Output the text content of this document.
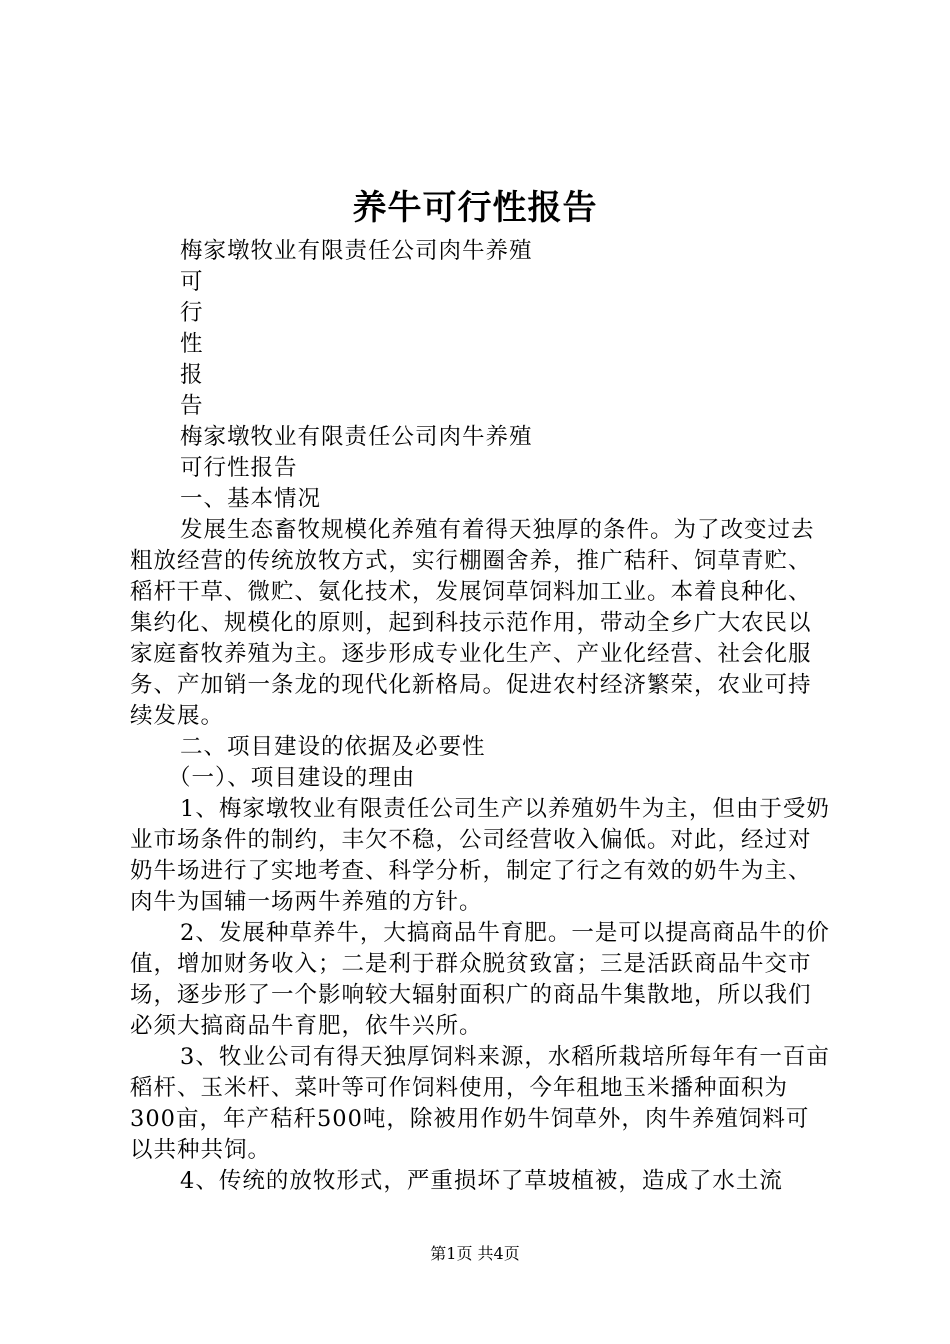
养牛可行性报告

梅家墩牧业有限责任公司肉牛养殖

可

行

性

报

告

梅家墩牧业有限责任公司肉牛养殖

可行性报告

一、基本情况

发展生态畜牧规模化养殖有着得天独厚的条件。为了改变过去粗放经营的传统放牧方式，实行棚圈舍养，推广秸秆、饲草青贮、稻杆干草、微贮、氨化技术，发展饲草饲料加工业。本着良种化、集约化、规模化的原则，起到科技示范作用，带动全乡广大农民以家庭畜牧养殖为主。逐步形成专业化生产、产业化经营、社会化服务、产加销一条龙的现代化新格局。促进农村经济繁荣，农业可持续发展。

二、项目建设的依据及必要性

（一）、项目建设的理由

1、梅家墩牧业有限责任公司生产以养殖奶牛为主，但由于受奶业市场条件的制约，丰欠不稳，公司经营收入偏低。对此，经过对奶牛场进行了实地考查、科学分析，制定了行之有效的奶牛为主、肉牛为国辅一场两牛养殖的方针。

2、发展种草养牛，大搞商品牛育肥。一是可以提高商品牛的价值，增加财务收入；二是利于群众脱贫致富；三是活跃商品牛交市场，逐步形了一个影响较大辐射面积广的商品牛集散地，所以我们必须大搞商品牛育肥，依牛兴所。

3、牧业公司有得天独厚饲料来源，水稻所栽培所每年有一百亩稻杆、玉米杆、菜叶等可作饲料使用，今年租地玉米播种面积为300亩，年产秸秆500吨，除被用作奶牛饲草外，肉牛养殖饲料可以共种共饲。

4、传统的放牧形式，严重损坏了草坡植被，造成了水土流

第1页 共4页
